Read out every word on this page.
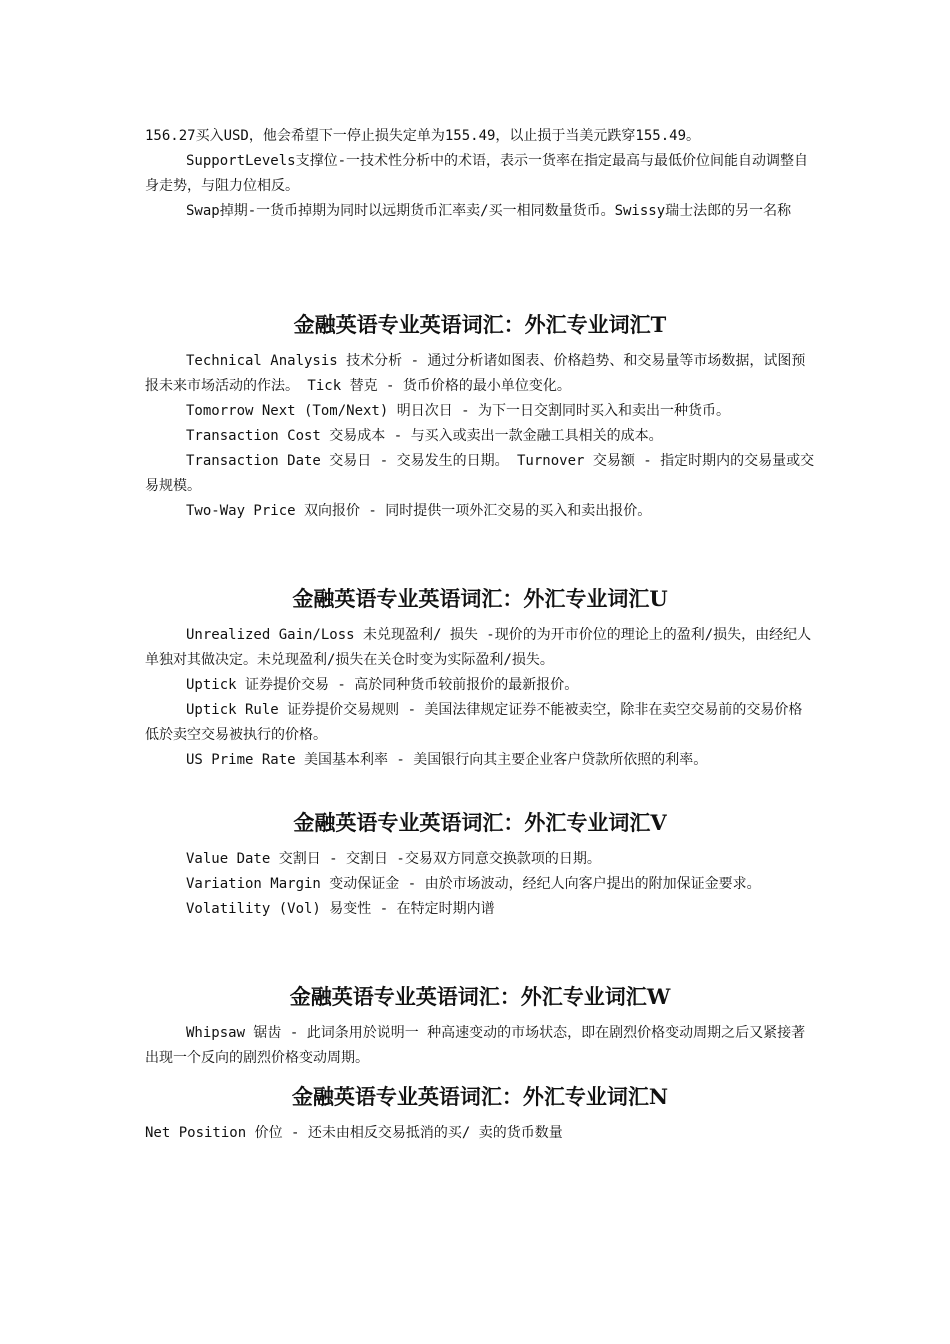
156.27买入USD，他会希望下一停止损失定单为155.49，以止损于当美元跌穿155.49。

SupportLevels支撑位-一技术性分析中的术语，表示一货率在指定最高与最低价位间能自动调整自身走势，与阻力位相反。

Swap掉期-一货币掉期为同时以远期货币汇率卖/买一相同数量货币。Swissy瑞士法郎的另一名称

金融英语专业英语词汇：外汇专业词汇T

Technical Analysis 技术分析 - 通过分析诸如图表、价格趋势、和交易量等市场数据，试图预报未来市场活动的作法。 Tick 替克 - 货币价格的最小单位变化。

Tomorrow Next (Tom/Next) 明日次日 - 为下一日交割同时买入和卖出一种货币。

Transaction Cost 交易成本 - 与买入或卖出一款金融工具相关的成本。

Transaction Date 交易日 - 交易发生的日期。 Turnover 交易额 - 指定时期内的交易量或交易规模。

Two-Way Price 双向报价 - 同时提供一项外汇交易的买入和卖出报价。

金融英语专业英语词汇：外汇专业词汇U

Unrealized Gain/Loss 未兑现盈利/ 损失 -现价的为开市价位的理论上的盈利/损失，由经纪人单独对其做决定。未兑现盈利/损失在关仓时变为实际盈利/损失。

Uptick 证券提价交易 - 高於同种货币较前报价的最新报价。

Uptick Rule 证券提价交易规则 - 美国法律规定证券不能被卖空，除非在卖空交易前的交易价格低於卖空交易被执行的价格。

US Prime Rate 美国基本利率 - 美国银行向其主要企业客户贷款所依照的利率。

金融英语专业英语词汇：外汇专业词汇V

Value Date 交割日 - 交割日 -交易双方同意交换款项的日期。

Variation Margin 变动保证金 - 由於市场波动，经纪人向客户提出的附加保证金要求。

Volatility (Vol) 易变性 - 在特定时期内谱

金融英语专业英语词汇：外汇专业词汇W

Whipsaw 锯齿 - 此词条用於说明一 种高速变动的市场状态，即在剧烈价格变动周期之后又紧接著出现一个反向的剧烈价格变动周期。

金融英语专业英语词汇：外汇专业词汇N

Net Position 价位 - 还未由相反交易抵消的买/ 卖的货币数量
